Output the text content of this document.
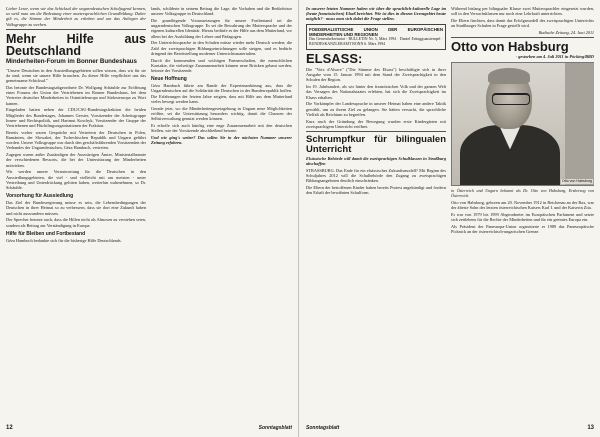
Lieber Leser, wenn wir das Schicksal der ungarndeutschen Schuljugend kennen, so weiß man um die Bedeutung einer muttersprachlichen Grundbildung. Daher gilt es, die Stimme der Minderheit zu erheben und um das Anliegen der Volksgruppe zu werben.

Mehr Hilfe aus Deutschland
Minderheiten-Forum im Bonner Bundeshaus

"Unsere Deutschen in den Aussiedlungsgebieten sollen wissen, dass wir für sie da sind, wenn sie unsere Hilfe brauchen. Zu dieser Hilfe verpflichtet uns das gemeinsame Schicksal."

Das betonte der Bundestagsabgeordnete Dr. Wolfgang Schäuble zur Eröffnung eines Forums der Union der Vertriebenen im Bonner Bundeshaus, bei dem Vertreter deutscher Minderheiten in Ostmitteleuropa und Südosteuropa zu Wort kamen.

Eingeladen hatten neben der CDU/CSU-Bundestagsfraktion die beiden Mitglieder des Bundestages, Johannes Gerster, Vorsitzender der Arbeitsgruppe Innen- und Rechtspolitik, und Hartmut Koschyk, Vorsitzender der Gruppe der Vertriebenen und Flüchtlingsorganisationen der Fraktion.

Bereits vorher waren Gespräche mit Vertretern der Deutschen in Polen, Rumänien, der Slowakei, der Tschechischen Republik und Ungarn geführt worden. Unsere Volksgruppe war durch den geschäftsführenden Vorsitzenden der Verbandes der Ungarndeutschen, Géza Hambuch, vertreten.

Zugegen waren außer Zuständigen der Auswärtigen Ämter, Ministerialbeamte der verschiedenen Ressorts, die bei der Unterstützung der Minderheiten mitwirken.

Wir werden unsere Verantwortung für die Deutschen in den Aussiedlungsgebieten, die viel - und vielleicht mit am meisten - unter Vertreibung und Unterdrückung gelitten haben, weiterhin wahrnehmen, so Dr. Schäuble.

Vorsorhung für Aussiedlung

Das Ziel der Bundesregierung müsse es sein, die Lebensbedingungen der Deutschen in ihrer Heimat so zu verbessern, dass sie dort eine Zukunft haben und nicht auswandern müssen.

Der Sprecher betonte auch, dass die Hilfen nicht als Almosen zu verstehen seien, sondern als Beitrag zur Verständigung in Europa.

Hilfe für Bleiben und Fortbestand

Géza Hambuch bedankte sich für die bisherige Hilfe Deutschlands.

lands, schilderte in seinem Beitrag die Lage, die Vorhaben und die Bedürfnisse unserer Volksgruppe in Deutschland.

Die grundlegende Voraussetzungen für unsere Fortbestand sei die ungarndeutschen Volksgruppe. Es sei die Bewahrung der Muttersprache und der eigenen kulturellen Identität. Hierzu bedürfe es der Hilfe aus dem Mutterland, vor allem bei der Ausbildung der Lehrer und Pädagogen.

Der Unterrichtssprache in den Schulen müsse wieder mehr Deutsch werden; die Zahl der zweisprachigen Bildungseinrichtungen solle steigen, und es bedürfe dringend der Bereitstellung moderner Unterrichtsmaterialien.

Durch die kommenden und wichtigen Partnerschaften, die menschlichen Kontakte, die vielseitige Zusammenarbeit können neue Brücken gebaut werden, betonte der Vorsitzende.

Neue Hoffnung

Géza Hambuch führte am Rande der Expertenanhörung aus, dass die Ungarndeutschen auf die Solidarität der Deutschen in der Bundesrepublik hoffen. Die Erfahrungen der letzten Jahre zeigten, dass mit Hilfe aus dem Mutterland vieles bewegt werden kann.

Gerade jetzt, wo die Minderheitengesetzgebung in Ungarn neue Möglichkeiten eröffne, sei die Unterstützung besonders wichtig, damit die Chancen der Selbstverwaltung genutzt werden können.

Er erhoffe sich auch künftig eine enge Zusammenarbeit mit den deutschen Stellen, wie der Vorsitzende abschließend betonte.

Und wie ging's weiter? Das sollen Sie in der nächsten Nummer unserer Zeitung erfahren.

12	Sonntagsblatt

In unserer letzten Nummer haben wir über die sprachlich-kulturelle Lage im (heute französischen) Elsaß berichtet. Wie ist dies in diesem Grenzgebiet heute möglich? - muss man sich dabei die Frage stellen.

FOEDERALISTISCHE UNION DER EUROPÄISCHEN MINDERHEITEN UND REGIONEN
Das Generalsekretariat - BULLETIN Nr. 5, März 1994 · Daniel Ertinggsaustempel · BUNDESKANZLERAMT BONN 6. März 1994
ELSASS:

Die "Voix d'Alsace" ("Die Stimme des Elsass") beschäftigte sich in ihrer Ausgabe vom 15. Januar 1994 mit dem Stand der Zweisprachigkeit in den Schulen der Region.

Im 19. Jahrhundert, als wir hinter den französischen Volk und der ganzen Welt das Versagen des Nationalstaates erlebten, hat sich die Zweisprachigkeit im Elsass erhalten.

Die Vorkämpfer der Landessprache in unserer Heimat haben eine andere Taktik gewählt, um zu ihrem Ziel zu gelangen. Sie hätten versucht, die sprachliche Vielfalt als Reichtum zu begreifen.

Kurz nach der Gründung der Bewegung wurden erste Kindergärten mit zweisprachigem Unterricht eröffnet.

Schrumpfkur für bilingualen Unterricht

Elsässische Behörde will damit die zweisprachigen Schulklassen in Straßburg abschaffen

STRASSBURG. Das Ende für ein elsässisches Zukunftsmodell? Mit Beginn des Schuljahres 2012 will die Schulbehörde den Zugang zu zweisprachigen Bildungsangeboten deutlich einschränken.

Die Eltern der betroffenen Kinder haben bereits Protest angekündigt und fordern den Erhalt der bewährten Schulform.

Während bislang per bilingualer Klasse zwei Muttersprachler eingesetzt wurden, soll in den Versuchsklassen nur noch eine Lehrkraft unterrichten.

Die Eltern fürchten, dass damit das Erfolgsmodell des zweisprachigen Unterrichts an Straßburger Schulen in Frage gestellt wird.

Badische Zeitung, 24. Juni 2011

Otto von Habsburg

- gestorben am 4. Juli 2011 in Pöcking/BRD

Otto von Habsburg

in Österreich und Ungarn bekannt als Dr. Otto von Habsburg, Erzherzog von Österreich.

Otto von Habsburg, geboren am 20. November 1912 in Reichenau an der Rax, war der älteste Sohn des letzten österreichischen Kaisers Karl I. und der Kaiserin Zita.

Er war von 1979 bis 1999 Abgeordneter im Europäischen Parlament und setzte sich zeitlebens für die Rechte der Minderheiten und für ein geeintes Europa ein.

Als Präsident der Paneuropa-Union organisierte er 1989 das Paneuropäische Picknick an der österreichisch-ungarischen Grenze.

Sonntagsblatt	13
